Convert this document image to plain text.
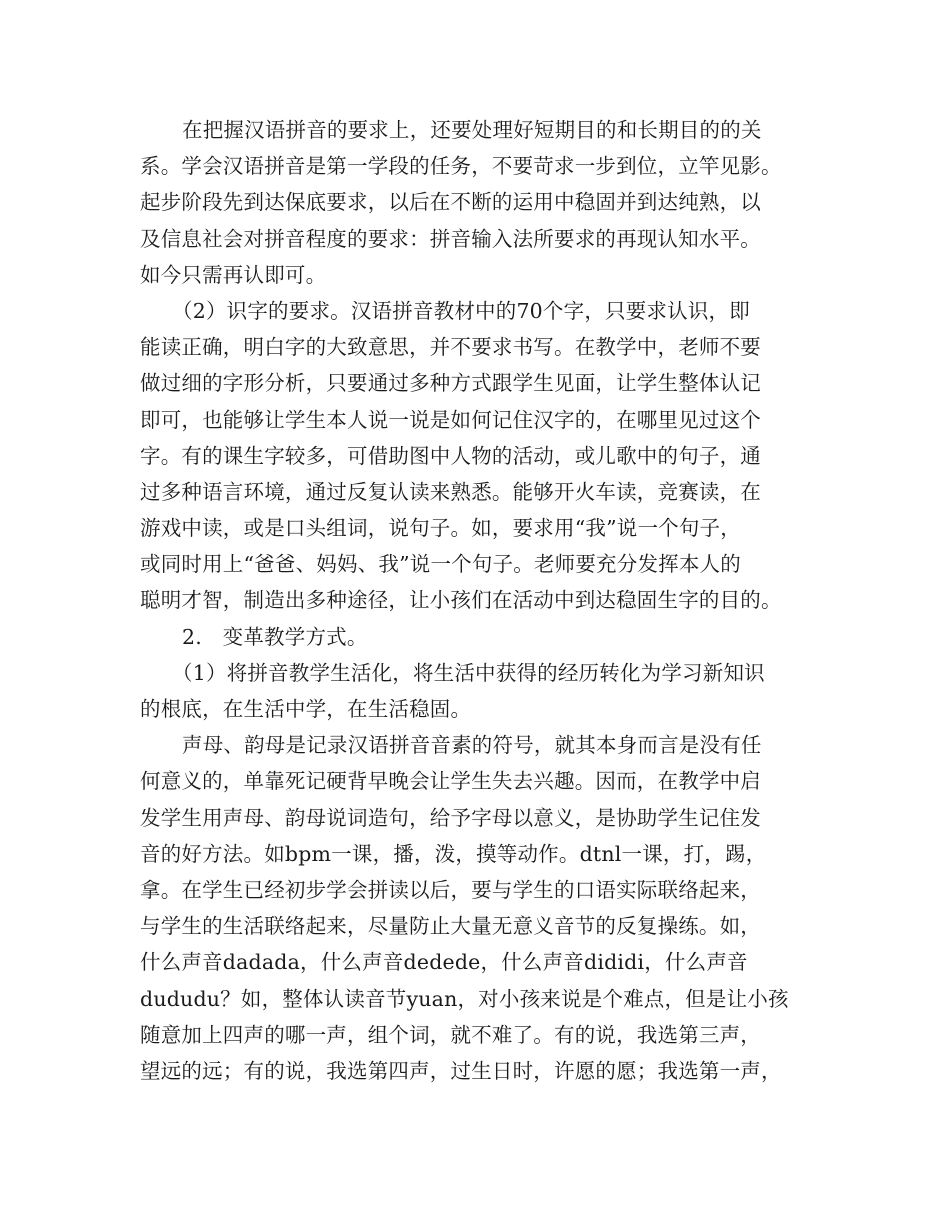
在把握汉语拼音的要求上，还要处理好短期目的和长期目的的关
系。学会汉语拼音是第一学段的任务，不要苛求一步到位，立竿见影。
起步阶段先到达保底要求，以后在不断的运用中稳固并到达纯熟，以
及信息社会对拼音程度的要求：拼音输入法所要求的再现认知水平。
如今只需再认即可。
（2）识字的要求。汉语拼音教材中的70个字，只要求认识，即
能读正确，明白字的大致意思，并不要求书写。在教学中，老师不要
做过细的字形分析，只要通过多种方式跟学生见面，让学生整体认记
即可，也能够让学生本人说一说是如何记住汉字的，在哪里见过这个
字。有的课生字较多，可借助图中人物的活动，或儿歌中的句子，通
过多种语言环境，通过反复认读来熟悉。能够开火车读，竞赛读，在
游戏中读，或是口头组词，说句子。如，要求用“我”说一个句子，
或同时用上“爸爸、妈妈、我”说一个句子。老师要充分发挥本人的
聪明才智，制造出多种途径，让小孩们在活动中到达稳固生字的目的。
2.　变革教学方式。
（1）将拼音教学生活化，将生活中获得的经历转化为学习新知识
的根底，在生活中学，在生活稳固。
声母、韵母是记录汉语拼音音素的符号，就其本身而言是没有任
何意义的，单靠死记硬背早晚会让学生失去兴趣。因而，在教学中启
发学生用声母、韵母说词造句，给予字母以意义，是协助学生记住发
音的好方法。如bpm一课，播，泼，摸等动作。dtnl一课，打，踢，
拿。在学生已经初步学会拼读以后，要与学生的口语实际联络起来，
与学生的生活联络起来，尽量防止大量无意义音节的反复操练。如，
什么声音dadada，什么声音dedede，什么声音dididi，什么声音
dududu？如，整体认读音节yuan，对小孩来说是个难点，但是让小孩
随意加上四声的哪一声，组个词，就不难了。有的说，我选第三声，
望远的远；有的说，我选第四声，过生日时，许愿的愿；我选第一声，
